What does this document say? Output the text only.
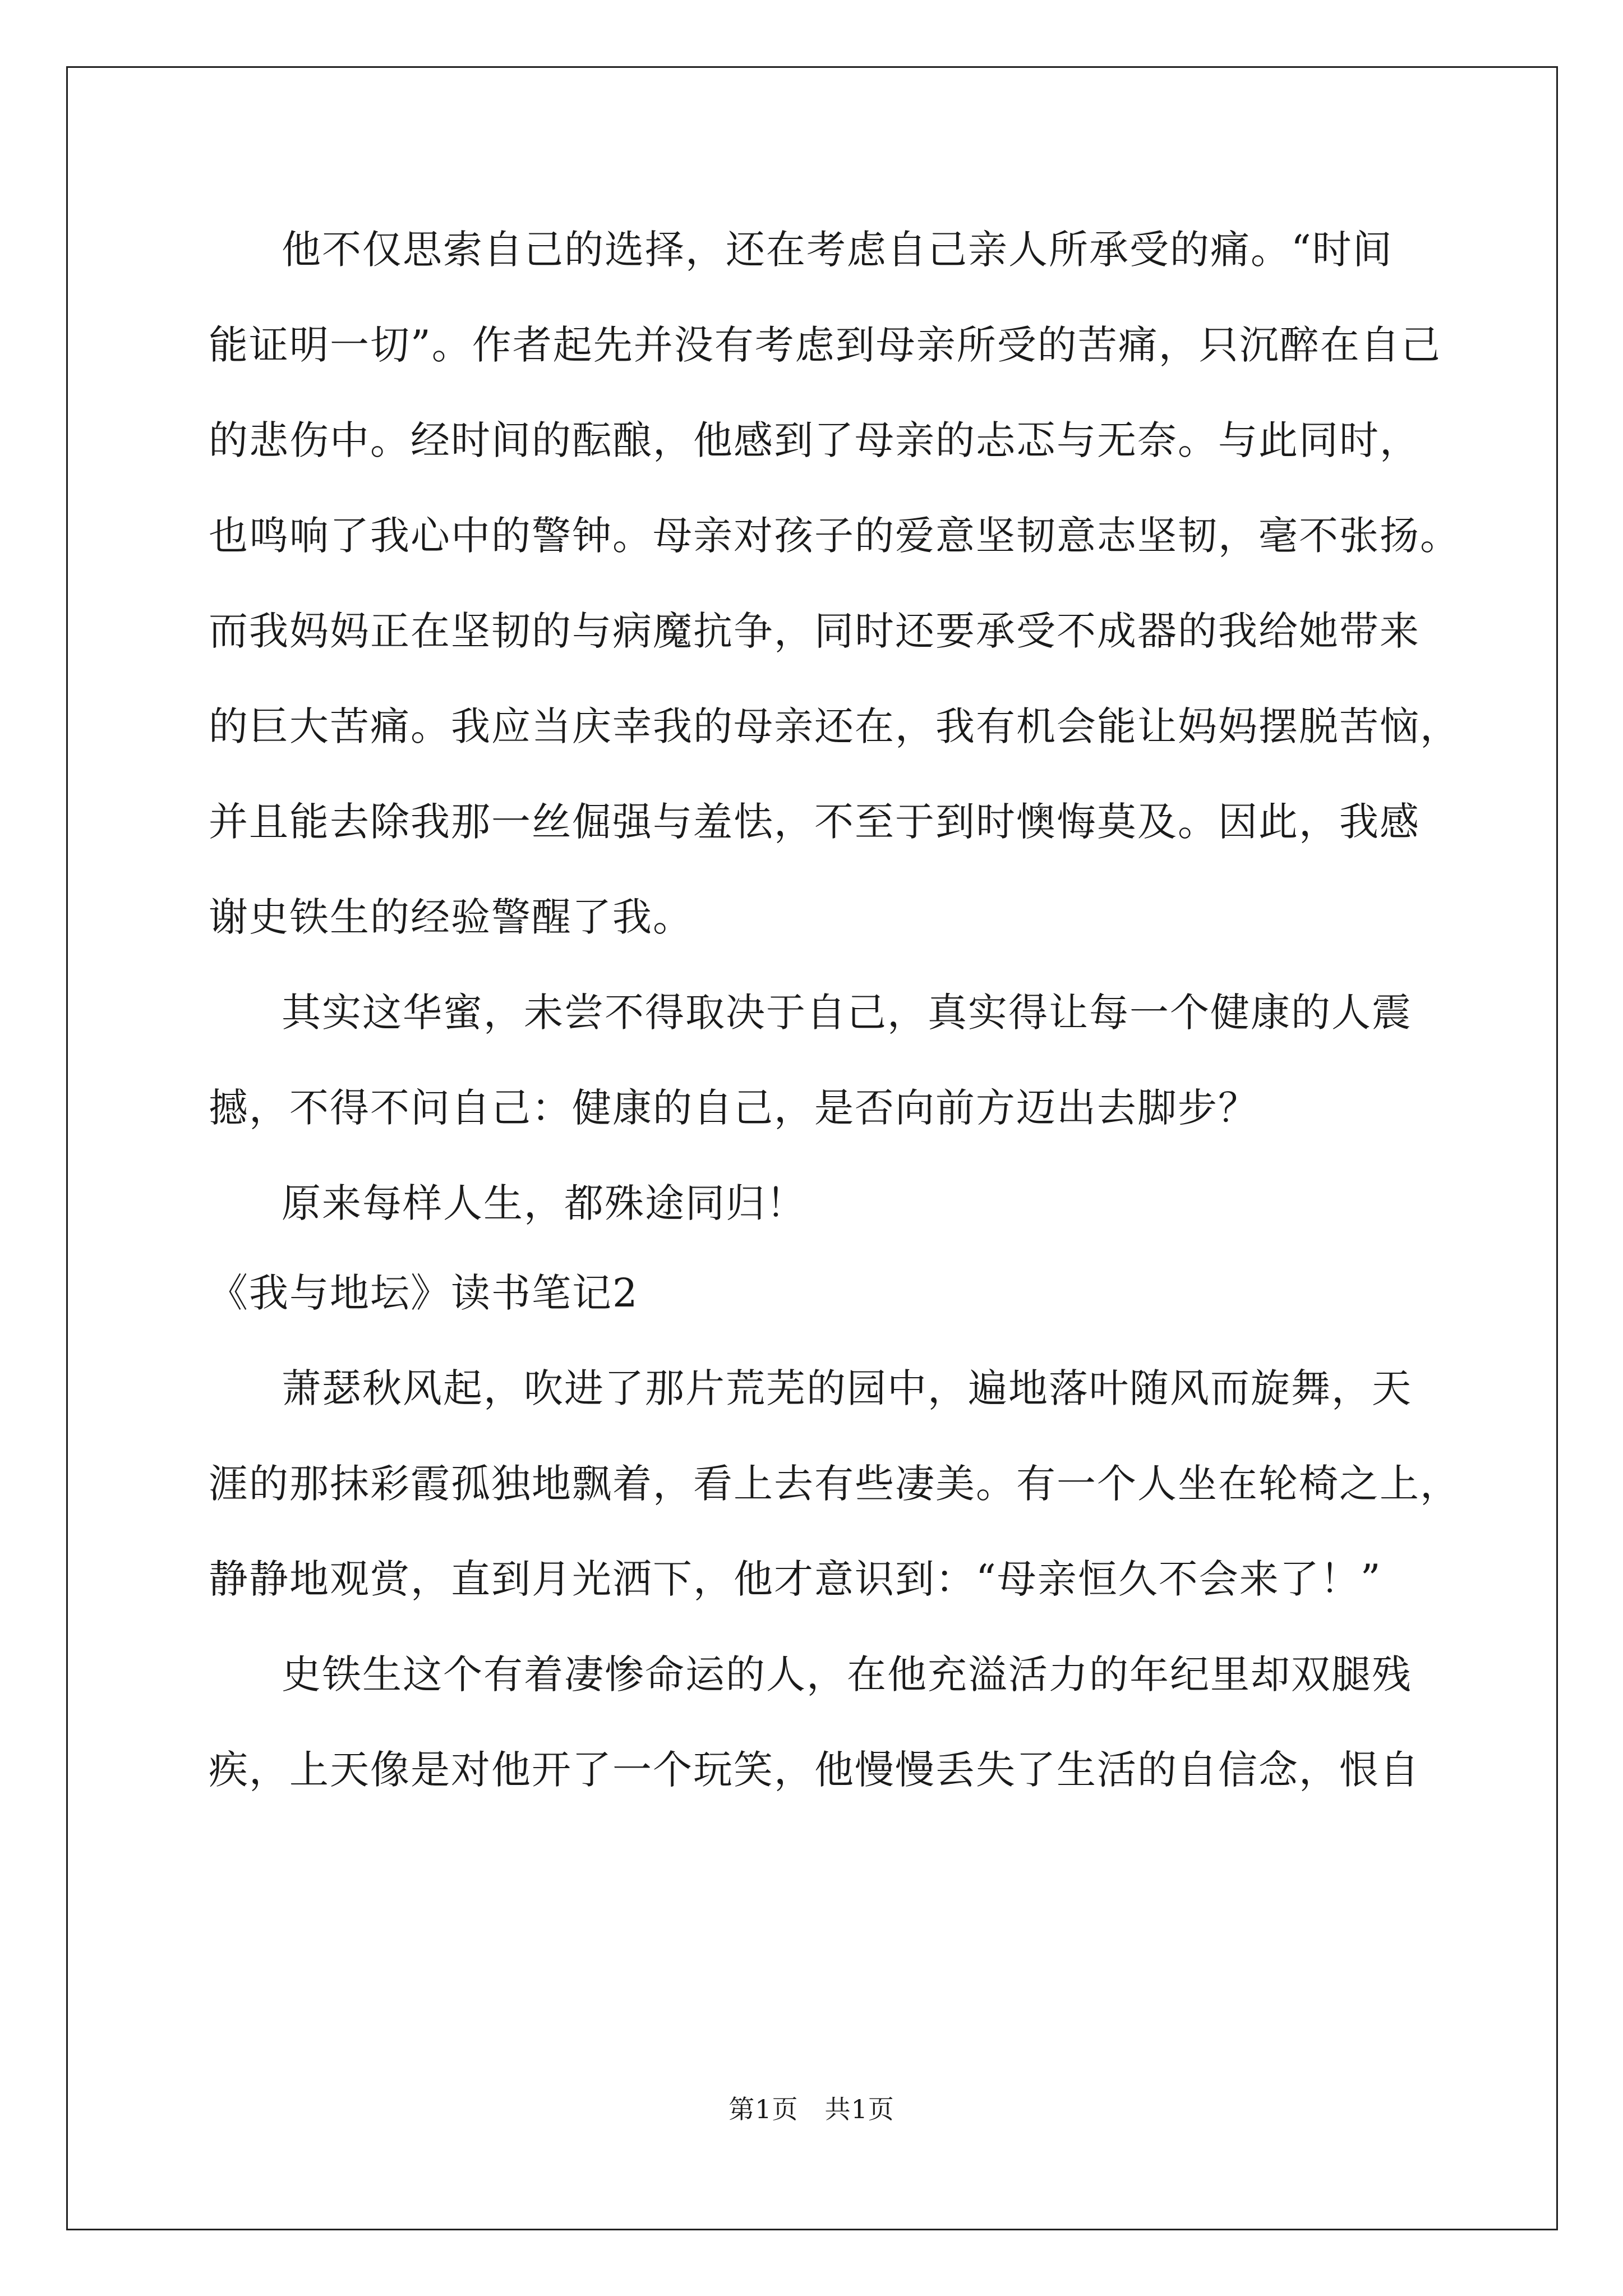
他不仅思索自己的选择，还在考虑自己亲人所承受的痛。“时间
能证明一切”。作者起先并没有考虑到母亲所受的苦痛，只沉醉在自己
的悲伤中。经时间的酝酿，他感到了母亲的忐忑与无奈。与此同时，
也鸣响了我心中的警钟。母亲对孩子的爱意坚韧意志坚韧，毫不张扬。
而我妈妈正在坚韧的与病魔抗争，同时还要承受不成器的我给她带来
的巨大苦痛。我应当庆幸我的母亲还在，我有机会能让妈妈摆脱苦恼，
并且能去除我那一丝倔强与羞怯，不至于到时懊悔莫及。因此，我感
谢史铁生的经验警醒了我。
其实这华蜜，未尝不得取决于自己，真实得让每一个健康的人震
撼，不得不问自己：健康的自己，是否向前方迈出去脚步？
原来每样人生，都殊途同归！
《我与地坛》读书笔记2
萧瑟秋风起，吹进了那片荒芜的园中，遍地落叶随风而旋舞，天
涯的那抹彩霞孤独地飘着，看上去有些凄美。有一个人坐在轮椅之上，
静静地观赏，直到月光洒下，他才意识到：“母亲恒久不会来了！”
史铁生这个有着凄惨命运的人，在他充溢活力的年纪里却双腿残
疾，上天像是对他开了一个玩笑，他慢慢丢失了生活的自信念，恨自
第1页　共1页
